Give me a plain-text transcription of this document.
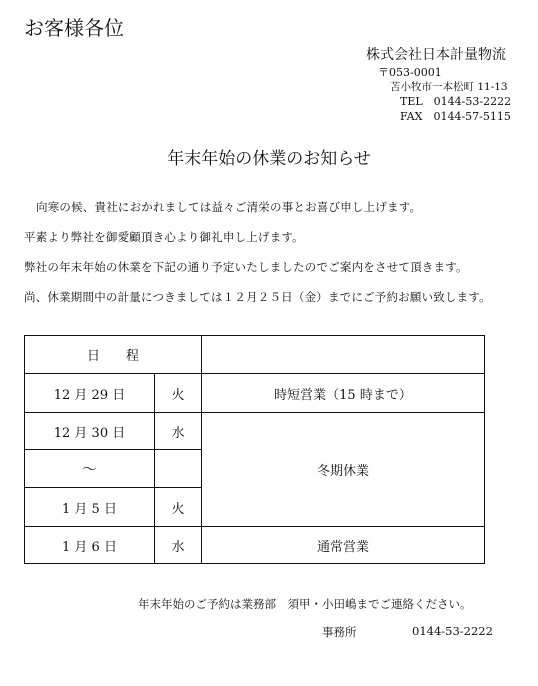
お客様各位
株式会社日本計量物流
〒053-0001
苫小牧市一本松町 11-13
TEL　0144-53-2222
FAX　0144-57-5115
年末年始の休業のお知らせ
向寒の候、貴社におかれましては益々ご清栄の事とお喜び申し上げます。
平素より弊社を御愛顧頂き心より御礼申し上げます。
弊社の年末年始の休業を下記の通り予定いたしましたのでご案内をさせて頂きます。
尚、休業期間中の計量につきましては１２月２５日（金）までにご予約お願い致します。
日　　程		
12 月 29 日	火	時短営業（15 時まで）
12 月 30 日	水	冬期休業
～		
1 月 5 日	火	
1 月 6 日	水	通常営業
年末年始のご予約は業務部　須甲・小田嶋までご連絡ください。
事務所	0144-53-2222
